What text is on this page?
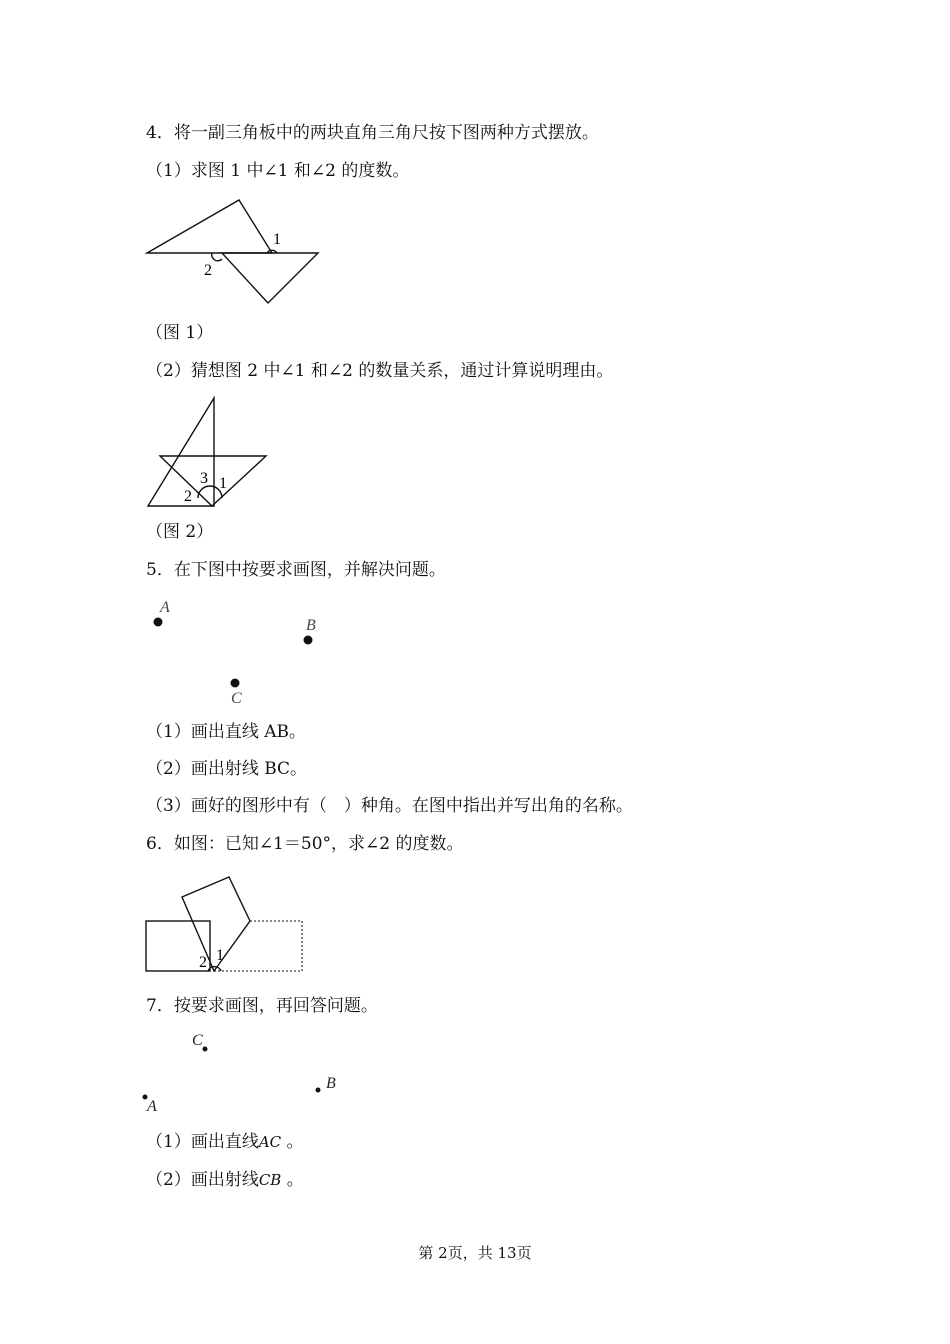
4．将一副三角板中的两块直角三角尺按下图两种方式摆放。
（1）求图 1 中∠1 和∠2 的度数。
1
2
（图 1）
（2）猜想图 2 中∠1 和∠2 的数量关系，通过计算说明理由。
3 1
2
（图 2）
5．在下图中按要求画图，并解决问题。
A
B
C
（1）画出直线 AB。
（2）画出射线 BC。
（3）画好的图形中有（　）种角。在图中指出并写出角的名称。
6．如图：已知∠1＝50°，求∠2 的度数。
1
2
7．按要求画图，再回答问题。
C
B
A
（1）画出直线AC 。
（2）画出射线CB 。
第 2页，共 13页
